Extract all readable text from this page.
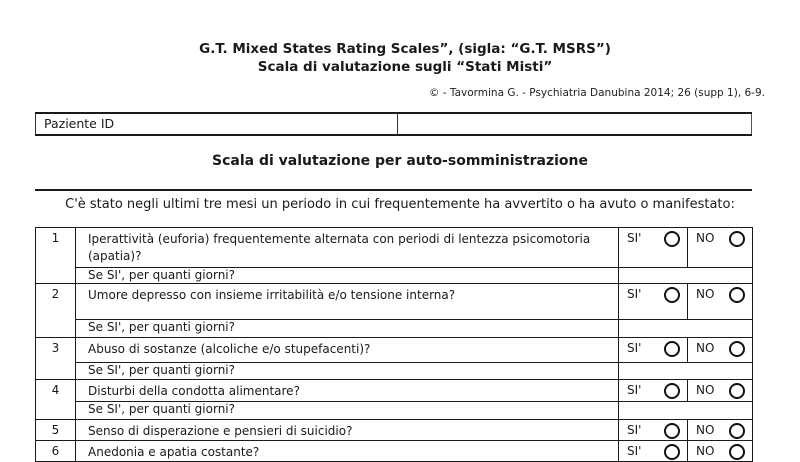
G.T. Mixed States Rating Scales”, (sigla: “G.T. MSRS”)
Scala di valutazione sugli “Stati Misti”
© - Tavormina G. - Psychiatria Danubina 2014; 26 (supp 1), 6-9.
Paziente ID
Scala di valutazione per auto-somministrazione
C'è stato negli ultimi tre mesi un periodo in cui frequentemente ha avvertito o ha avuto o manifestato:
1	Iperattività (euforia) frequentemente alternata con periodi di lentezza psicomotoria (apatia)?	SI'	NO

	Se SI', per quanti giorni?		
2	Umore depresso con insieme irritabilità e/o tensione interna?	SI'	NO

	Se SI', per quanti giorni?		
3	Abuso di sostanze (alcoliche e/o stupefacenti)?	SI'	NO

	Se SI', per quanti giorni?		
4	Disturbi della condotta alimentare?	SI'	NO

	Se SI', per quanti giorni?		
5	Senso di disperazione e pensieri di suicidio?	SI'	NO

6	Anedonia e apatia costante?	SI'	NO
